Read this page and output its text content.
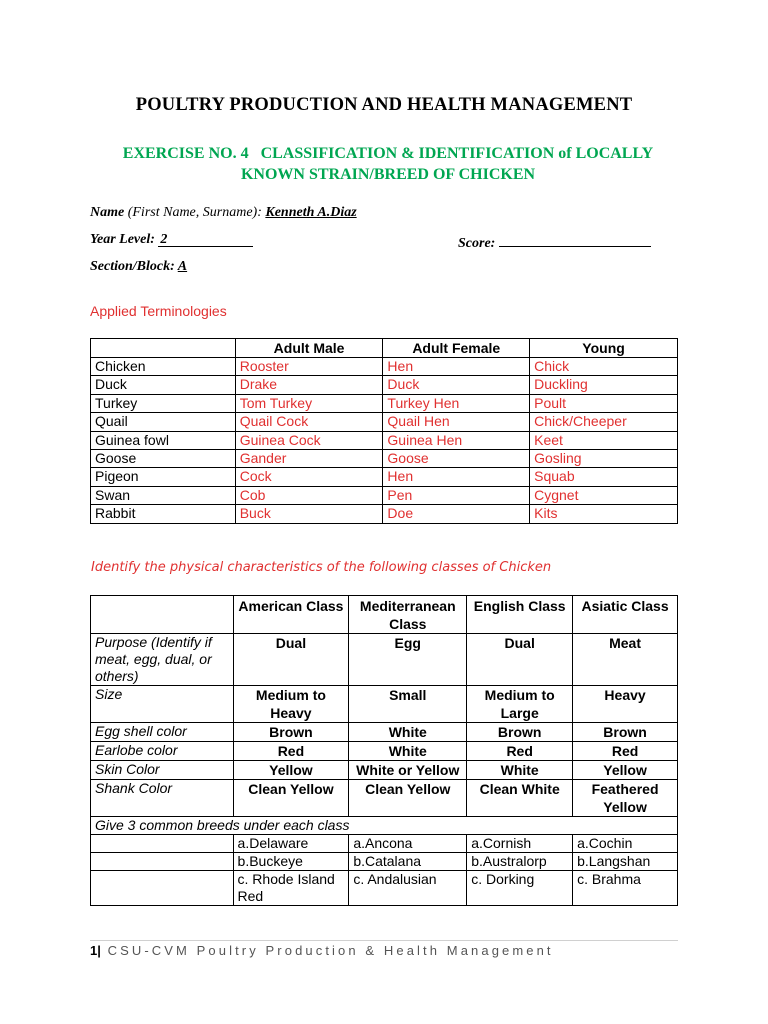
POULTRY PRODUCTION AND HEALTH MANAGEMENT
EXERCISE NO. 4   CLASSIFICATION & IDENTIFICATION of LOCALLY
KNOWN STRAIN/BREED OF CHICKEN
Name (First Name, Surname): Kenneth A.Diaz
Year Level: 2	Score:
Section/Block: A
Applied Terminologies
	Adult Male	Adult Female	Young
Chicken	Rooster	Hen	Chick
Duck	Drake	Duck	Duckling
Turkey	Tom Turkey	Turkey Hen	Poult
Quail	Quail Cock	Quail Hen	Chick/Cheeper
Guinea fowl	Guinea Cock	Guinea Hen	Keet
Goose	Gander	Goose	Gosling
Pigeon	Cock	Hen	Squab
Swan	Cob	Pen	Cygnet
Rabbit	Buck	Doe	Kits
Identify the physical characteristics of the following classes of Chicken
	American Class	Mediterranean Class	English Class	Asiatic Class
Purpose (Identify if meat, egg, dual, or others)	Dual	Egg	Dual	Meat
Size	Medium to Heavy	Small	Medium to Large	Heavy
Egg shell color	Brown	White	Brown	Brown
Earlobe color	Red	White	Red	Red
Skin Color	Yellow	White or Yellow	White	Yellow
Shank Color	Clean Yellow	Clean Yellow	Clean White	Feathered Yellow
Give 3 common breeds under each class				
	a.Delaware	a.Ancona	a.Cornish	a.Cochin
	b.Buckeye	b.Catalana	b.Australorp	b.Langshan
	c. Rhode Island Red	c. Andalusian	c. Dorking	c. Brahma
1| CSU-CVM Poultry Production & Health Management
